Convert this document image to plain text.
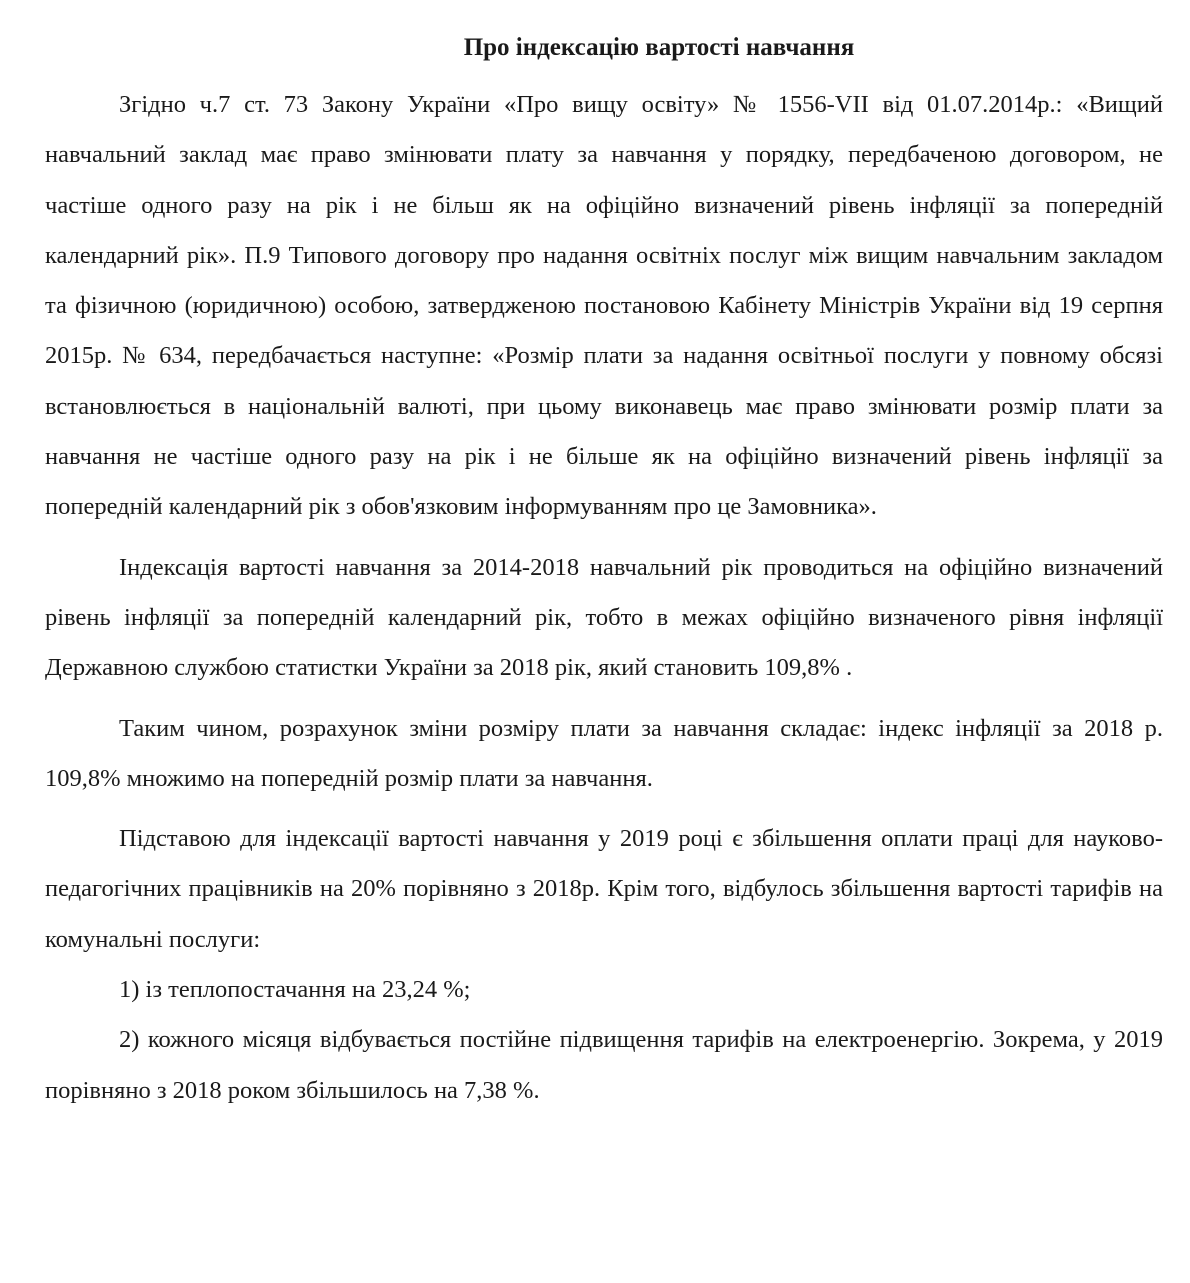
Про індексацію вартості навчання

Згідно ч.7 ст. 73 Закону України «Про вищу освіту» № 1556-VII від 01.07.2014р.: «Вищий навчальний заклад має право змінювати плату за навчання у порядку, передбаченою договором, не частіше одного разу на рік і не більш як на офіційно визначений рівень інфляції за попередній календарний рік». П.9 Типового договору про надання освітніх послуг між вищим навчальним закладом та фізичною (юридичною) особою, затвердженою постановою Кабінету Міністрів України від 19 серпня 2015р. № 634, передбачається наступне: «Розмір плати за надання освітньої послуги у повному обсязі встановлюється в національній валюті, при цьому виконавець має право змінювати розмір плати за навчання не частіше одного разу на рік і не більше як на офіційно визначений рівень інфляції за попередній календарний рік з обов'язковим інформуванням про це Замовника».

Індексація вартості навчання за 2014-2018 навчальний рік проводиться на офіційно визначений рівень інфляції за попередній календарний рік, тобто в межах офіційно визначеного рівня інфляції Державною службою статистки України за 2018 рік, який становить 109,8% .

Таким чином, розрахунок зміни розміру плати за навчання складає: індекс інфляції за 2018 р. 109,8% множимо на попередній розмір плати за навчання.

Підставою для індексації вартості навчання у 2019 році є збільшення оплати праці для науково-педагогічних працівників на 20% порівняно з 2018р. Крім того, відбулось збільшення вартості тарифів на комунальні послуги:

1) із теплопостачання на 23,24 %;

2) кожного місяця відбувається постійне підвищення тарифів на електроенергію. Зокрема, у 2019 порівняно з 2018 роком збільшилось на 7,38 %.
